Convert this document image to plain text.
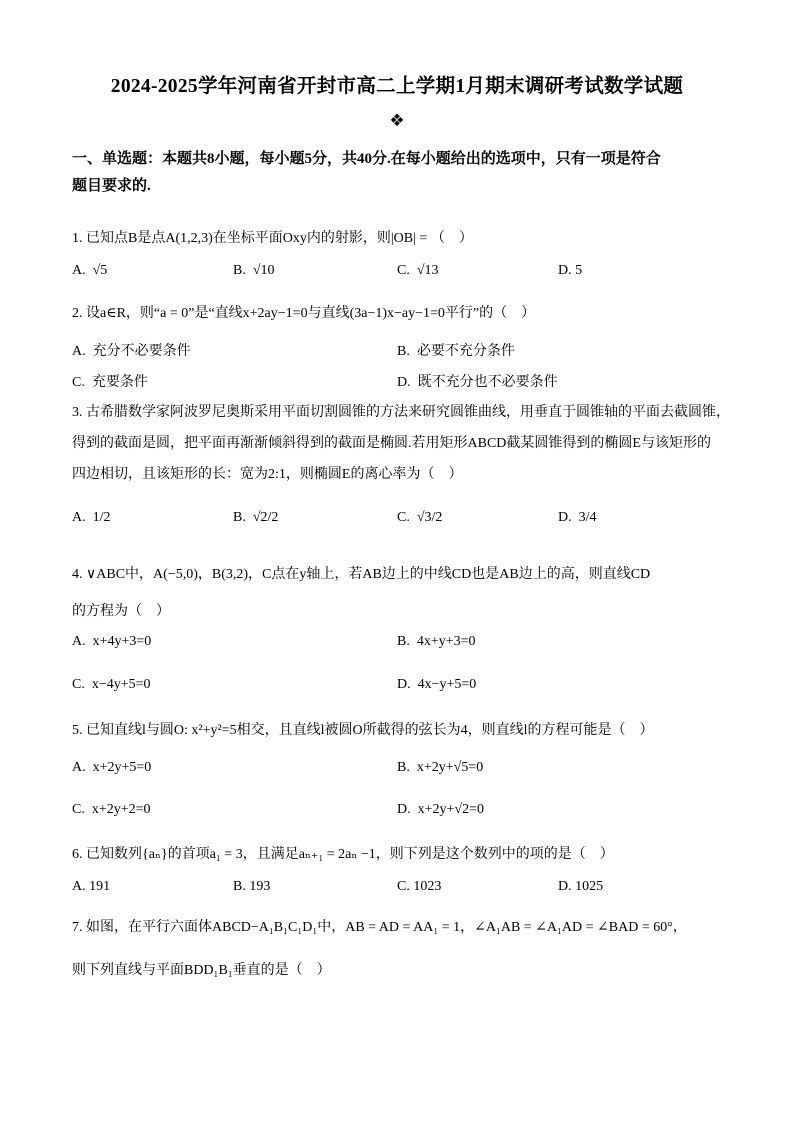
2024-2025学年河南省开封市高二上学期1月期末调研考试数学试题
❖
一、单选题：本题共8小题，每小题5分，共40分.在每小题给出的选项中，只有一项是符合
题目要求的.
1. 已知点B是点A(1,2,3)在坐标平面Oxy内的射影，则|OB| = （　）
A. √5	B. √10	C. √13	D. 5
2. 设a∈R，则“a = 0”是“直线x+2ay−1=0与直线(3a−1)x−ay−1=0平行”的（　）
A. 充分不必要条件	B. 必要不充分条件
C. 充要条件	D. 既不充分也不必要条件
3. 古希腊数学家阿波罗尼奥斯采用平面切割圆锥的方法来研究圆锥曲线，用垂直于圆锥轴的平面去截圆锥，
得到的截面是圆，把平面再渐渐倾斜得到的截面是椭圆.若用矩形ABCD截某圆锥得到的椭圆E与该矩形的
四边相切，且该矩形的长：宽为2:1，则椭圆E的离心率为（　）
A. 1/2	B. √2/2	C. √3/2	D. 3/4
4. ∨ABC中，A(−5,0)，B(3,2)，C点在y轴上，若AB边上的中线CD也是AB边上的高，则直线CD
的方程为（　）
A. x+4y+3=0	B. 4x+y+3=0
C. x−4y+5=0	D. 4x−y+5=0
5. 已知直线l与圆O: x²+y²=5相交，且直线l被圆O所截得的弦长为4，则直线l的方程可能是（　）
A. x+2y+5=0	B. x+2y+√5=0
C. x+2y+2=0	D. x+2y+√2=0
6. 已知数列{aₙ}的首项a₁ = 3，且满足aₙ₊₁ = 2aₙ −1，则下列是这个数列中的项的是（　）
A. 191	B. 193	C. 1023	D. 1025
7. 如图，在平行六面体ABCD−A₁B₁C₁D₁中，AB = AD = AA₁ = 1，∠A₁AB = ∠A₁AD = ∠BAD = 60°，
则下列直线与平面BDD₁B₁垂直的是（　）
